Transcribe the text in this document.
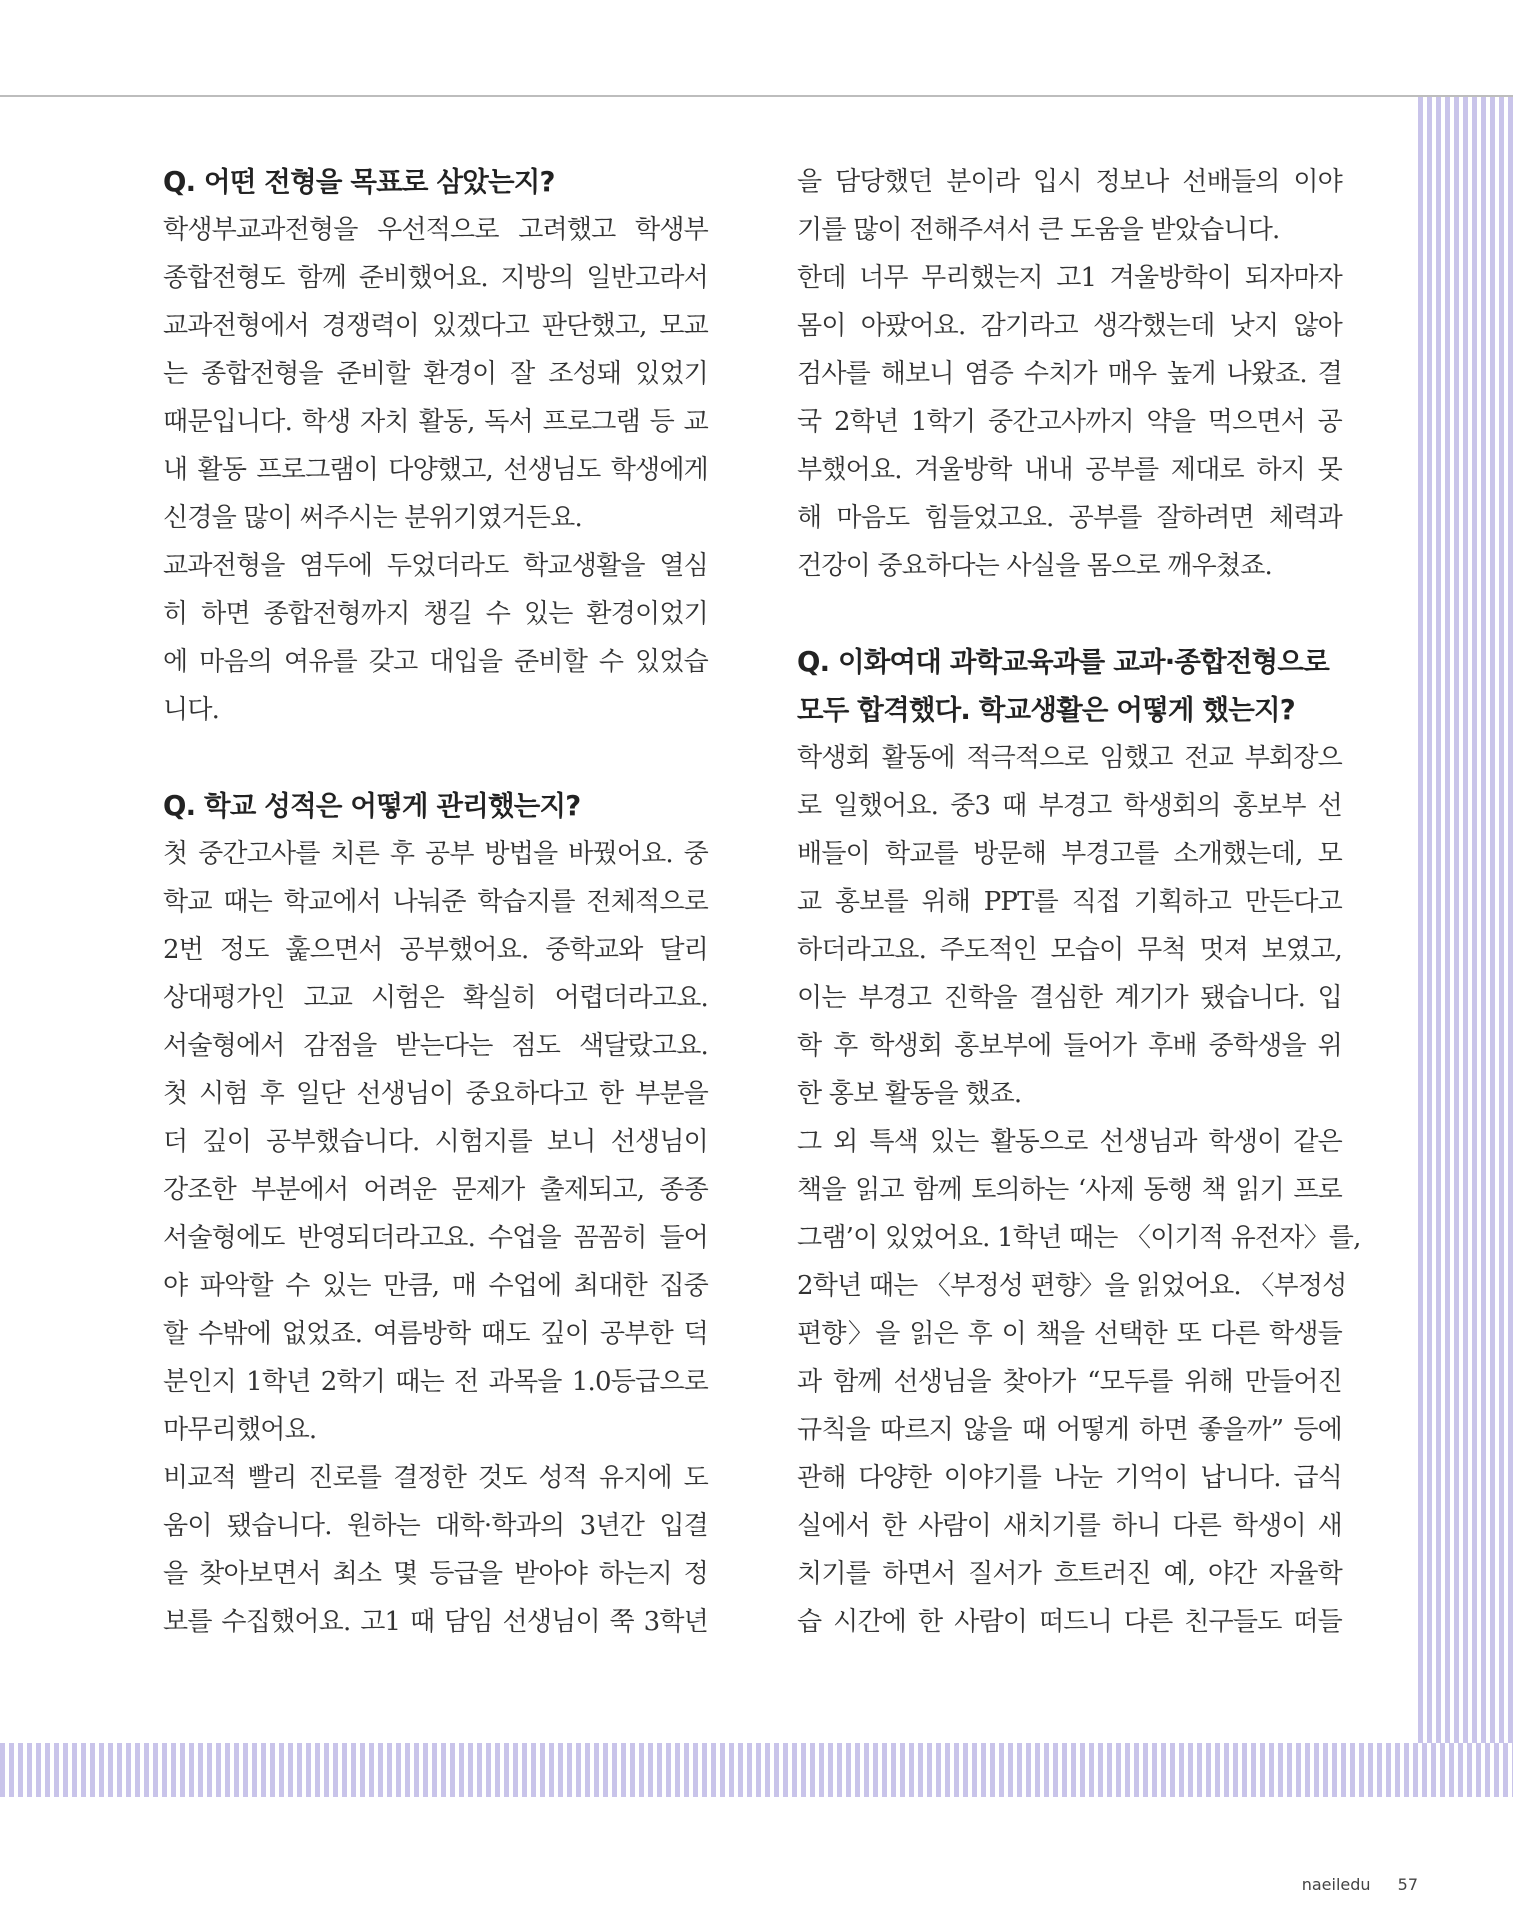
Q. 어떤 전형을 목표로 삼았는지?
학생부교과전형을 우선적으로 고려했고 학생부
종합전형도 함께 준비했어요. 지방의 일반고라서
교과전형에서 경쟁력이 있겠다고 판단했고, 모교
는 종합전형을 준비할 환경이 잘 조성돼 있었기
때문입니다. 학생 자치 활동, 독서 프로그램 등 교
내 활동 프로그램이 다양했고, 선생님도 학생에게
신경을 많이 써주시는 분위기였거든요.
교과전형을 염두에 두었더라도 학교생활을 열심
히 하면 종합전형까지 챙길 수 있는 환경이었기
에 마음의 여유를 갖고 대입을 준비할 수 있었습
니다.
Q. 학교 성적은 어떻게 관리했는지?
첫 중간고사를 치른 후 공부 방법을 바꿨어요. 중
학교 때는 학교에서 나눠준 학습지를 전체적으로
2번 정도 훑으면서 공부했어요. 중학교와 달리
상대평가인 고교 시험은 확실히 어렵더라고요.
서술형에서 감점을 받는다는 점도 색달랐고요.
첫 시험 후 일단 선생님이 중요하다고 한 부분을
더 깊이 공부했습니다. 시험지를 보니 선생님이
강조한 부분에서 어려운 문제가 출제되고, 종종
서술형에도 반영되더라고요. 수업을 꼼꼼히 들어
야 파악할 수 있는 만큼, 매 수업에 최대한 집중
할 수밖에 없었죠. 여름방학 때도 깊이 공부한 덕
분인지 1학년 2학기 때는 전 과목을 1.0등급으로
마무리했어요.
비교적 빨리 진로를 결정한 것도 성적 유지에 도
움이 됐습니다. 원하는 대학·학과의 3년간 입결
을 찾아보면서 최소 몇 등급을 받아야 하는지 정
보를 수집했어요. 고1 때 담임 선생님이 쭉 3학년
을 담당했던 분이라 입시 정보나 선배들의 이야
기를 많이 전해주셔서 큰 도움을 받았습니다.
한데 너무 무리했는지 고1 겨울방학이 되자마자
몸이 아팠어요. 감기라고 생각했는데 낫지 않아
검사를 해보니 염증 수치가 매우 높게 나왔죠. 결
국 2학년 1학기 중간고사까지 약을 먹으면서 공
부했어요. 겨울방학 내내 공부를 제대로 하지 못
해 마음도 힘들었고요. 공부를 잘하려면 체력과
건강이 중요하다는 사실을 몸으로 깨우쳤죠.
Q. 이화여대 과학교육과를 교과·종합전형으로
모두 합격했다. 학교생활은 어떻게 했는지?
학생회 활동에 적극적으로 임했고 전교 부회장으
로 일했어요. 중3 때 부경고 학생회의 홍보부 선
배들이 학교를 방문해 부경고를 소개했는데, 모
교 홍보를 위해 PPT를 직접 기획하고 만든다고
하더라고요. 주도적인 모습이 무척 멋져 보였고,
이는 부경고 진학을 결심한 계기가 됐습니다. 입
학 후 학생회 홍보부에 들어가 후배 중학생을 위
한 홍보 활동을 했죠.
그 외 특색 있는 활동으로 선생님과 학생이 같은
책을 읽고 함께 토의하는 ‘사제 동행 책 읽기 프로
그램’이 있었어요. 1학년 때는 〈이기적 유전자〉를,
2학년 때는 〈부정성 편향〉을 읽었어요. 〈부정성
편향〉을 읽은 후 이 책을 선택한 또 다른 학생들
과 함께 선생님을 찾아가 “모두를 위해 만들어진
규칙을 따르지 않을 때 어떻게 하면 좋을까” 등에
관해 다양한 이야기를 나눈 기억이 납니다. 급식
실에서 한 사람이 새치기를 하니 다른 학생이 새
치기를 하면서 질서가 흐트러진 예, 야간 자율학
습 시간에 한 사람이 떠드니 다른 친구들도 떠들
naeiledu 57
